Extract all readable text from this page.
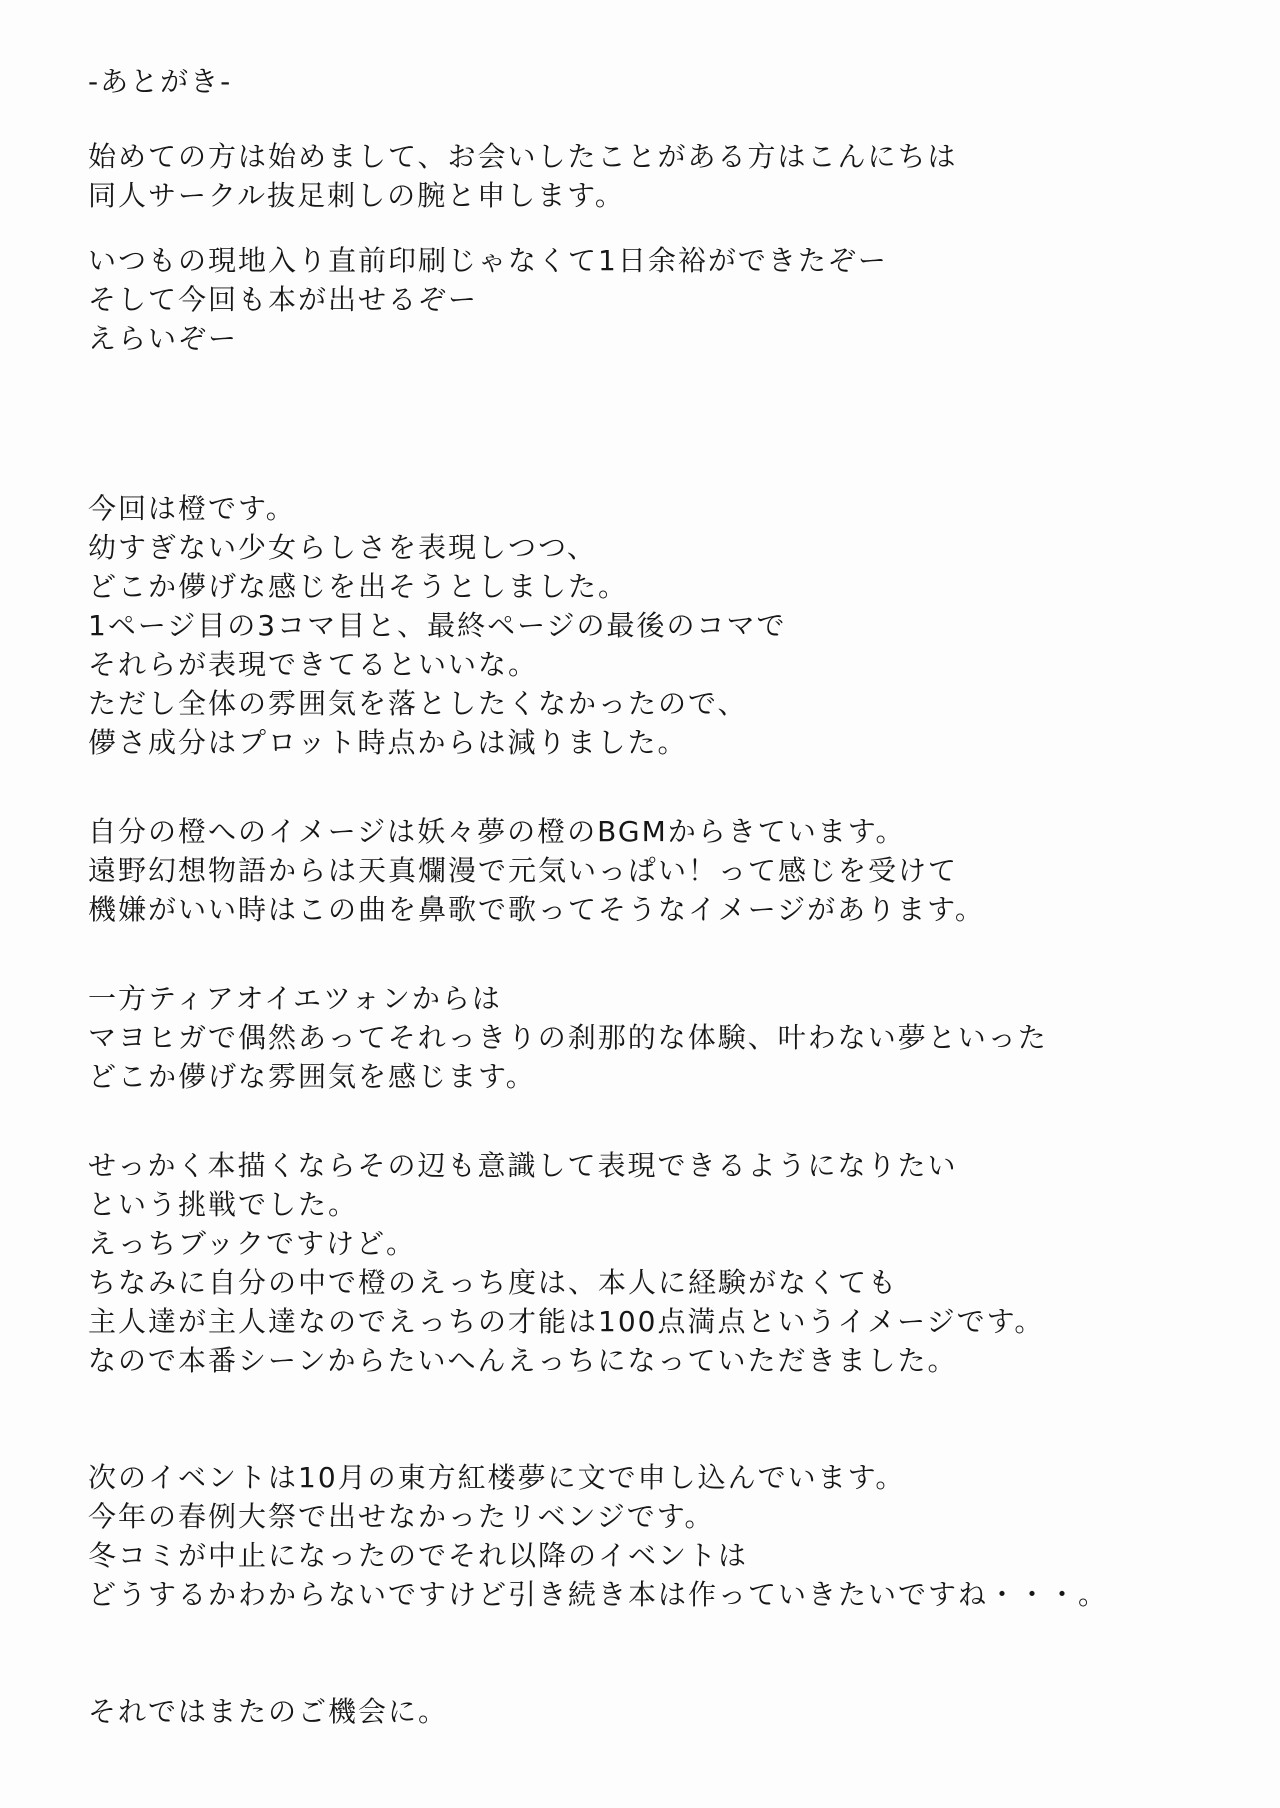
-あとがき-
始めての方は始めまして、お会いしたことがある方はこんにちは
同人サークル抜足刺しの腕と申します。
いつもの現地入り直前印刷じゃなくて1日余裕ができたぞー
そして今回も本が出せるぞー
えらいぞー
今回は橙です。
幼すぎない少女らしさを表現しつつ、
どこか儚げな感じを出そうとしました。
1ページ目の3コマ目と、最終ページの最後のコマで
それらが表現できてるといいな。
ただし全体の雰囲気を落としたくなかったので、
儚さ成分はプロット時点からは減りました。
自分の橙へのイメージは妖々夢の橙のBGMからきています。
遠野幻想物語からは天真爛漫で元気いっぱい！って感じを受けて
機嫌がいい時はこの曲を鼻歌で歌ってそうなイメージがあります。
一方ティアオイエツォンからは
マヨヒガで偶然あってそれっきりの刹那的な体験、叶わない夢といった
どこか儚げな雰囲気を感じます。
せっかく本描くならその辺も意識して表現できるようになりたい
という挑戦でした。
えっちブックですけど。
ちなみに自分の中で橙のえっち度は、本人に経験がなくても
主人達が主人達なのでえっちの才能は100点満点というイメージです。
なので本番シーンからたいへんえっちになっていただきました。
次のイベントは10月の東方紅楼夢に文で申し込んでいます。
今年の春例大祭で出せなかったリベンジです。
冬コミが中止になったのでそれ以降のイベントは
どうするかわからないですけど引き続き本は作っていきたいですね・・・。
それではまたのご機会に。
